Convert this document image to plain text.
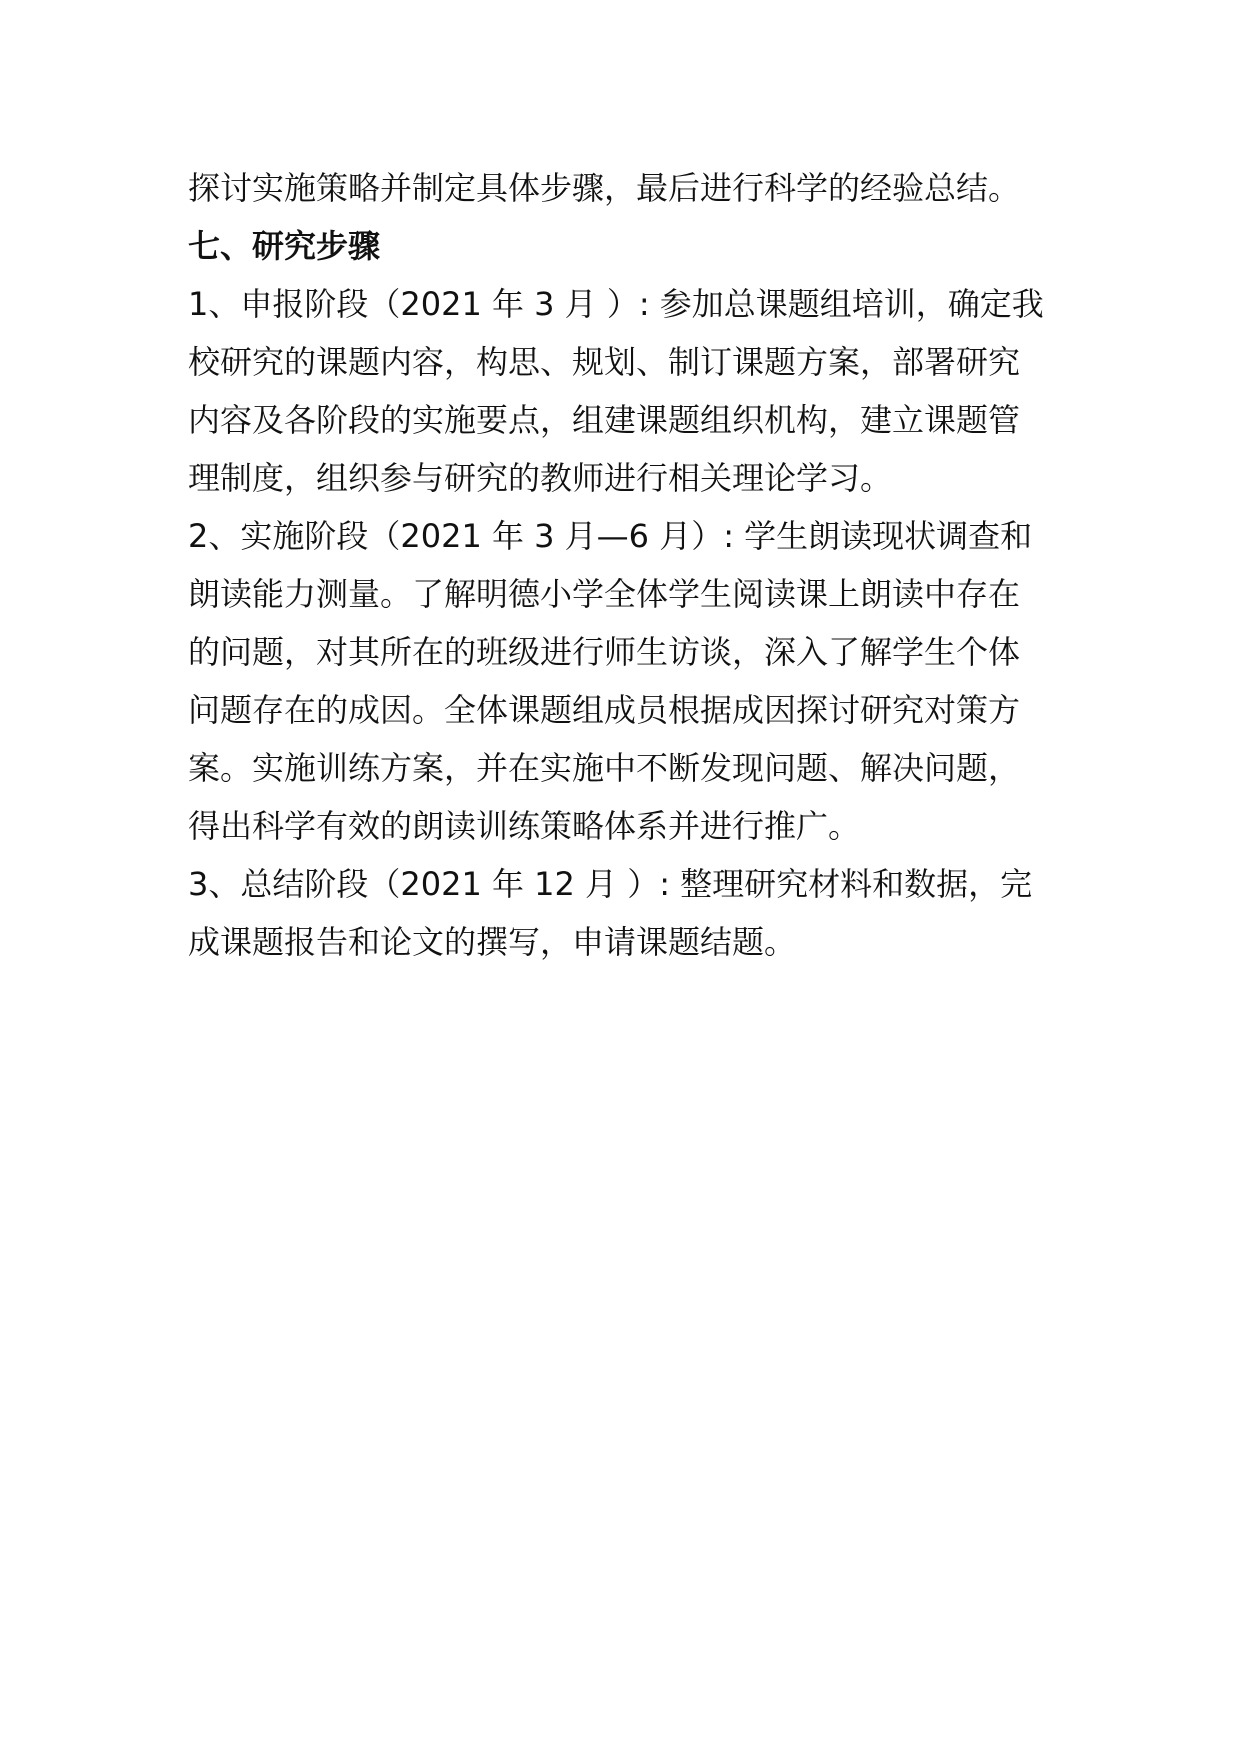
探讨实施策略并制定具体步骤，最后进行科学的经验总结。
七、研究步骤
1、申报阶段（2021 年 3 月 ）: 参加总课题组培训，确定我
校研究的课题内容，构思、规划、制订课题方案，部署研究
内容及各阶段的实施要点，组建课题组织机构，建立课题管
理制度，组织参与研究的教师进行相关理论学习。
2、实施阶段（2021 年 3 月—6 月）: 学生朗读现状调查和
朗读能力测量。了解明德小学全体学生阅读课上朗读中存在
的问题，对其所在的班级进行师生访谈，深入了解学生个体
问题存在的成因。全体课题组成员根据成因探讨研究对策方
案。实施训练方案，并在实施中不断发现问题、解决问题，
得出科学有效的朗读训练策略体系并进行推广。
3、总结阶段（2021 年 12 月 ）: 整理研究材料和数据，完
成课题报告和论文的撰写，申请课题结题。
